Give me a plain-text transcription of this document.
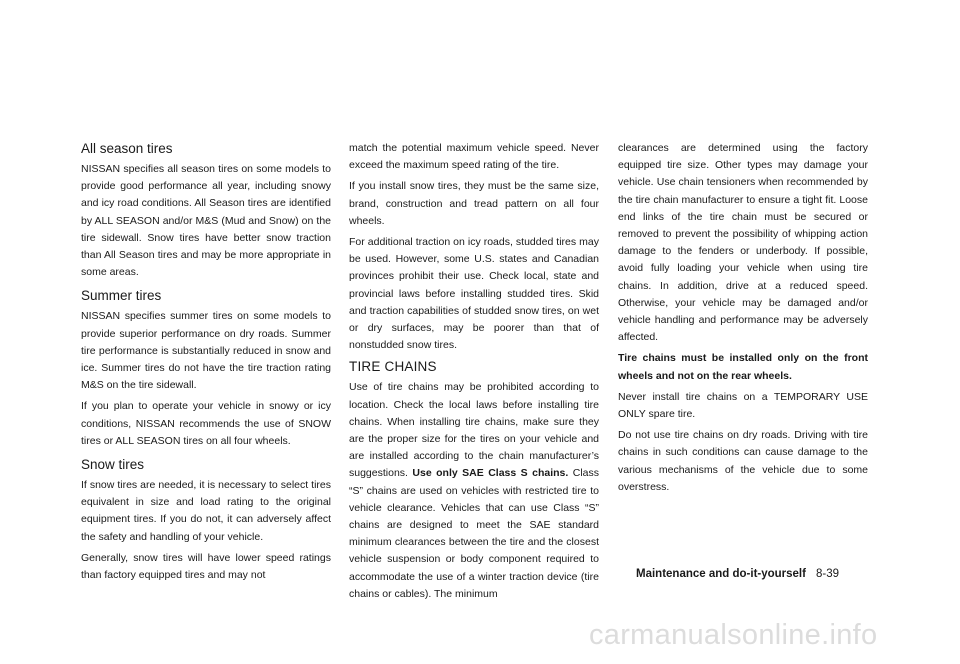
All season tires

NISSAN specifies all season tires on some models to provide good performance all year, including snowy and icy road conditions. All Season tires are identified by ALL SEASON and/or M&S (Mud and Snow) on the tire sidewall. Snow tires have better snow traction than All Season tires and may be more appropriate in some areas.

Summer tires

NISSAN specifies summer tires on some models to provide superior performance on dry roads. Summer tire performance is substantially reduced in snow and ice. Summer tires do not have the tire traction rating M&S on the tire sidewall.

If you plan to operate your vehicle in snowy or icy conditions, NISSAN recommends the use of SNOW tires or ALL SEASON tires on all four wheels.

Snow tires

If snow tires are needed, it is necessary to select tires equivalent in size and load rating to the original equipment tires. If you do not, it can adversely affect the safety and handling of your vehicle.

Generally, snow tires will have lower speed ratings than factory equipped tires and may not

match the potential maximum vehicle speed. Never exceed the maximum speed rating of the tire.

If you install snow tires, they must be the same size, brand, construction and tread pattern on all four wheels.

For additional traction on icy roads, studded tires may be used. However, some U.S. states and Canadian provinces prohibit their use. Check local, state and provincial laws before installing studded tires. Skid and traction capabilities of studded snow tires, on wet or dry surfaces, may be poorer than that of nonstudded snow tires.

TIRE CHAINS

Use of tire chains may be prohibited according to location. Check the local laws before installing tire chains. When installing tire chains, make sure they are the proper size for the tires on your vehicle and are installed according to the chain manufacturer’s suggestions. Use only SAE Class S chains. Class “S” chains are used on vehicles with restricted tire to vehicle clearance. Vehicles that can use Class “S” chains are designed to meet the SAE standard minimum clearances between the tire and the closest vehicle suspension or body component required to accommodate the use of a winter traction device (tire chains or cables). The minimum

clearances are determined using the factory equipped tire size. Other types may damage your vehicle. Use chain tensioners when recommended by the tire chain manufacturer to ensure a tight fit. Loose end links of the tire chain must be secured or removed to prevent the possibility of whipping action damage to the fenders or underbody. If possible, avoid fully loading your vehicle when using tire chains. In addition, drive at a reduced speed. Otherwise, your vehicle may be damaged and/or vehicle handling and performance may be adversely affected.

Tire chains must be installed only on the front wheels and not on the rear wheels.

Never install tire chains on a TEMPORARY USE ONLY spare tire.

Do not use tire chains on dry roads. Driving with tire chains in such conditions can cause damage to the various mechanisms of the vehicle due to some overstress.

Maintenance and do-it-yourself 8-39
carmanualsonline.info
